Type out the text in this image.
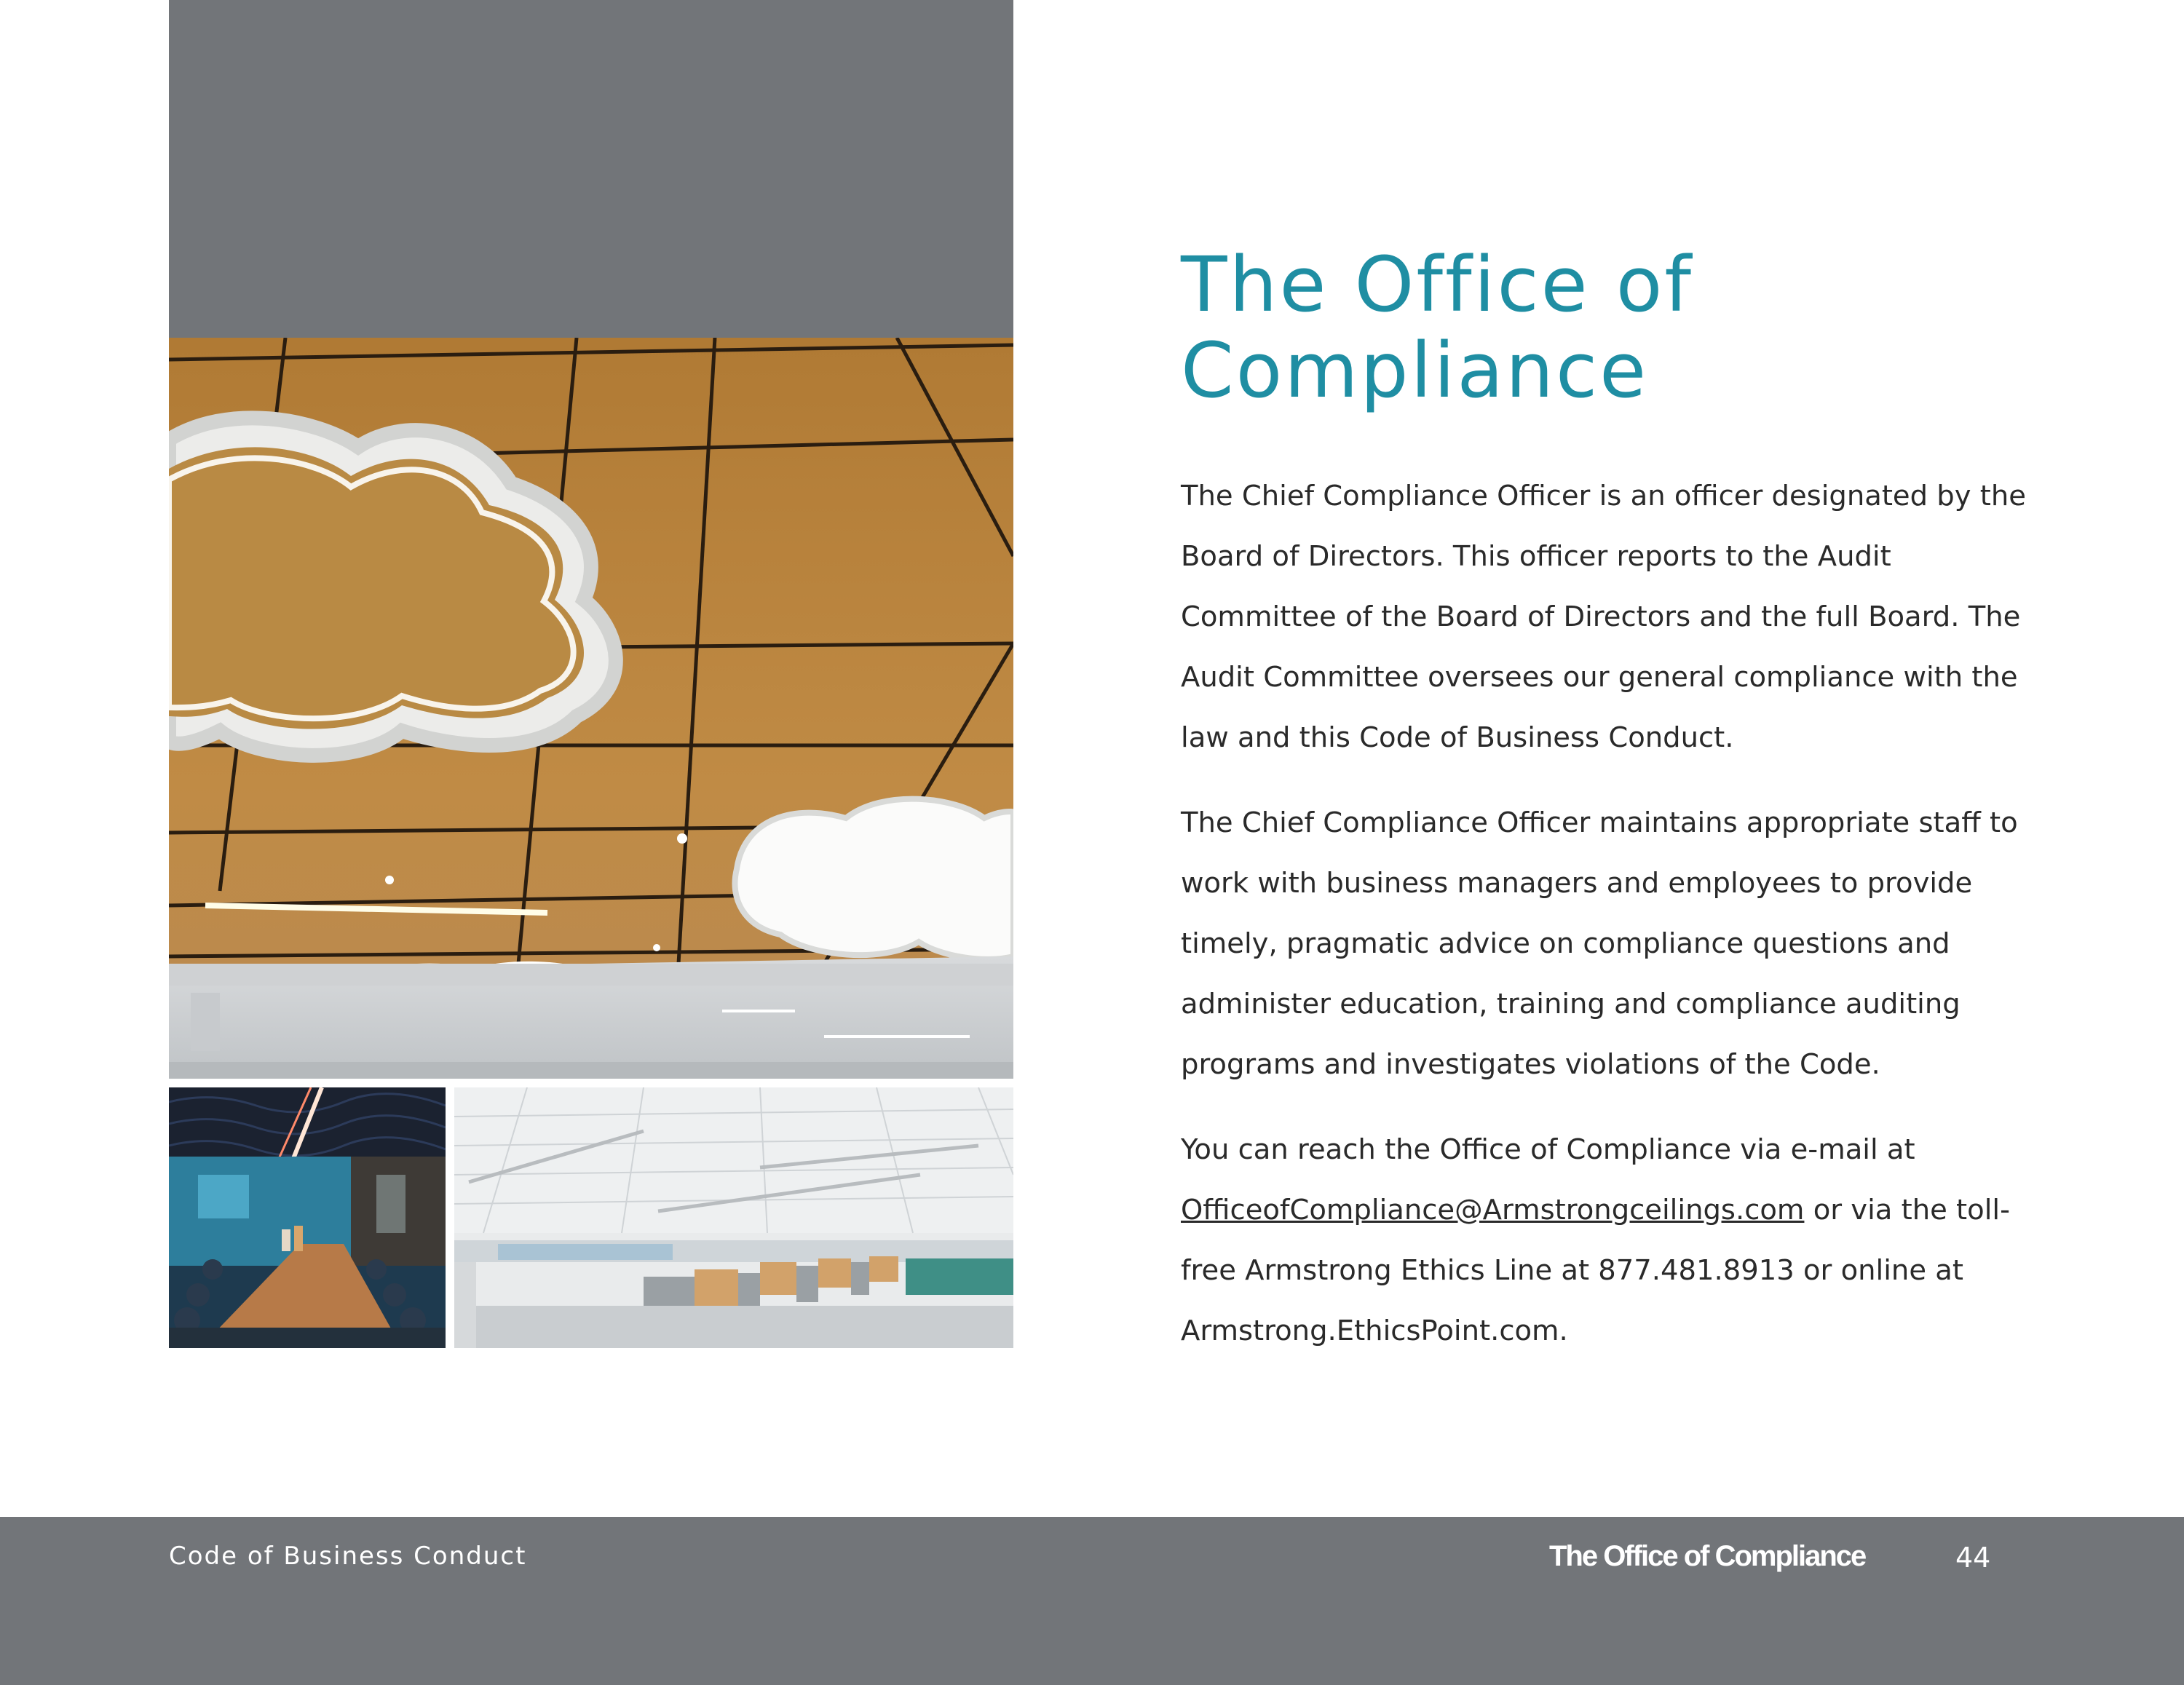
The Office of
Compliance

The Chief Compliance Officer is an officer designated by the Board of Directors. This officer reports to the Audit Committee of the Board of Directors and the full Board. The Audit Committee oversees our general compliance with the law and this Code of Business Conduct.

The Chief Compliance Officer maintains appropriate staff to work with business managers and employees to provide timely, pragmatic advice on compliance questions and administer education, training and compliance auditing programs and investigates violations of the Code.

You can reach the Office of Compliance via e-mail at OfficeofCompliance@Armstrongceilings.com or via the toll-free Armstrong Ethics Line at 877.481.8913 or online at Armstrong.EthicsPoint.com.

Code of Business Conduct	The Office of Compliance	44
